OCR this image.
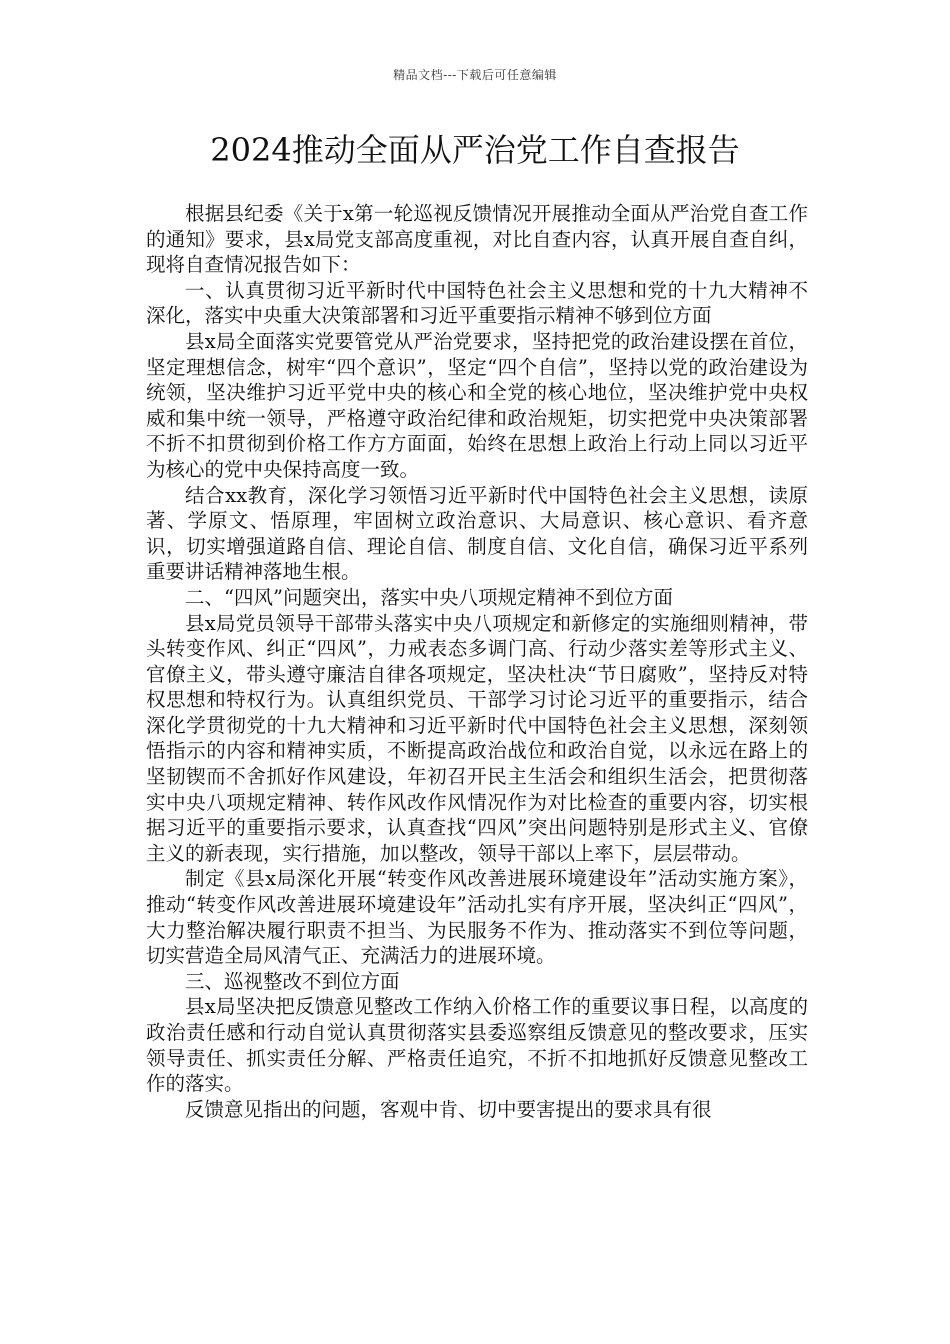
精品文档---下载后可任意编辑
2024推动全面从严治党工作自查报告

根据县纪委《关于x第一轮巡视反馈情况开展推动全面从严治党自查工作的通知》要求，县x局党支部高度重视，对比自查内容，认真开展自查自纠，现将自查情况报告如下：

一、认真贯彻习近平新时代中国特色社会主义思想和党的十九大精神不深化，落实中央重大决策部署和习近平重要指示精神不够到位方面

县x局全面落实党要管党从严治党要求，坚持把党的政治建设摆在首位，坚定理想信念，树牢“四个意识”，坚定“四个自信”，坚持以党的政治建设为统领，坚决维护习近平党中央的核心和全党的核心地位，坚决维护党中央权威和集中统一领导，严格遵守政治纪律和政治规矩，切实把党中央决策部署不折不扣贯彻到价格工作方方面面，始终在思想上政治上行动上同以习近平为核心的党中央保持高度一致。

结合xx教育，深化学习领悟习近平新时代中国特色社会主义思想，读原著、学原文、悟原理，牢固树立政治意识、大局意识、核心意识、看齐意识，切实增强道路自信、理论自信、制度自信、文化自信，确保习近平系列重要讲话精神落地生根。

二、“四风”问题突出，落实中央八项规定精神不到位方面

县x局党员领导干部带头落实中央八项规定和新修定的实施细则精神，带头转变作风、纠正“四风”，力戒表态多调门高、行动少落实差等形式主义、官僚主义，带头遵守廉洁自律各项规定，坚决杜决“节日腐败”，坚持反对特权思想和特权行为。认真组织党员、干部学习讨论习近平的重要指示，结合深化学贯彻党的十九大精神和习近平新时代中国特色社会主义思想，深刻领悟指示的内容和精神实质，不断提高政治战位和政治自觉，以永远在路上的坚韧锲而不舍抓好作风建设，年初召开民主生活会和组织生活会，把贯彻落实中央八项规定精神、转作风改作风情况作为对比检查的重要内容，切实根据习近平的重要指示要求，认真查找“四风”突出问题特别是形式主义、官僚主义的新表现，实行措施，加以整改，领导干部以上率下，层层带动。

制定《县x局深化开展“转变作风改善进展环境建设年”活动实施方案》，推动“转变作风改善进展环境建设年”活动扎实有序开展，坚决纠正“四风”，大力整治解决履行职责不担当、为民服务不作为、推动落实不到位等问题，切实营造全局风清气正、充满活力的进展环境。

三、巡视整改不到位方面

县x局坚决把反馈意见整改工作纳入价格工作的重要议事日程，以高度的政治责任感和行动自觉认真贯彻落实县委巡察组反馈意见的整改要求，压实领导责任、抓实责任分解、严格责任追究，不折不扣地抓好反馈意见整改工作的落实。

反馈意见指出的问题，客观中肯、切中要害提出的要求具有很
